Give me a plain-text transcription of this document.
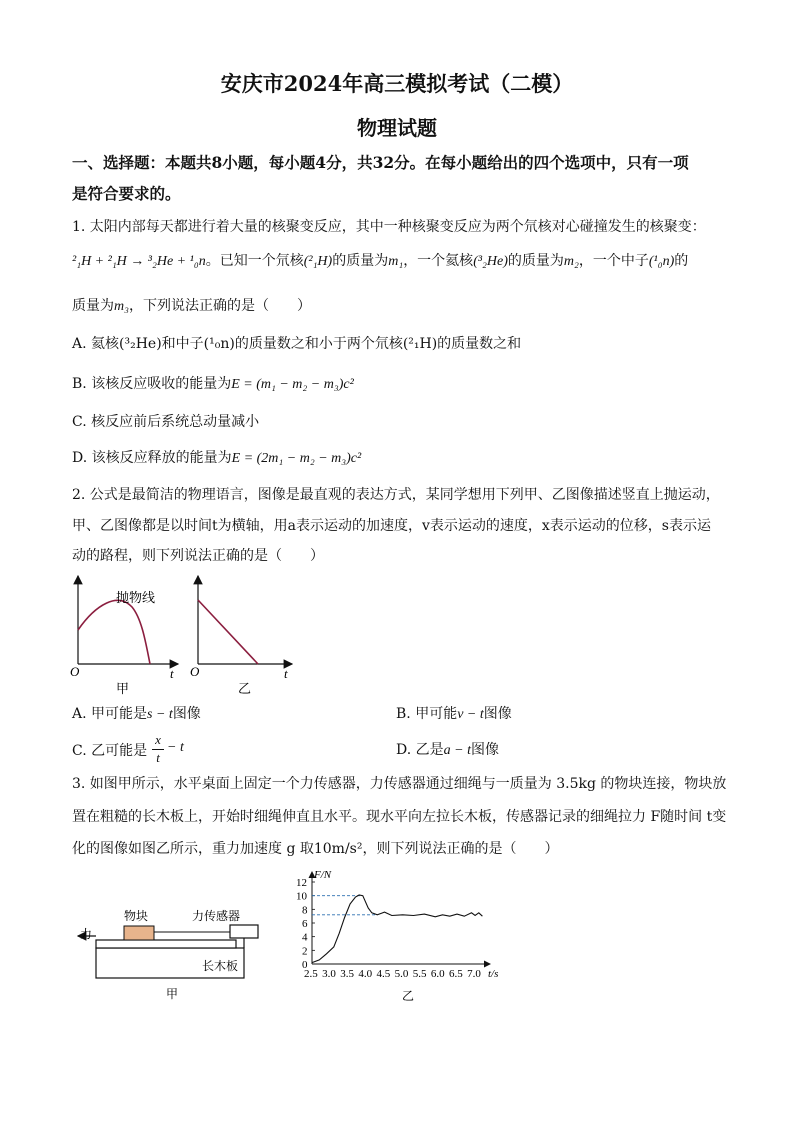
安庆市2024年高三模拟考试（二模）
物理试题
一、选择题：本题共8小题，每小题4分，共32分。在每小题给出的四个选项中，只有一项
是符合要求的。
1. 太阳内部每天都进行着大量的核聚变反应，其中一种核聚变反应为两个氘核对心碰撞发生的核聚变：
²₁H + ²₁H → ³₂He + ¹₀n。已知一个氘核(²₁H)的质量为m₁，一个氦核(³₂He)的质量为m₂，一个中子(¹₀n)的
质量为m₃，下列说法正确的是（　　）
A. 氦核(³₂He)和中子(¹₀n)的质量数之和小于两个氘核(²₁H)的质量数之和
B. 该核反应吸收的能量为E = (m₁ − m₂ − m₃)c²
C. 核反应前后系统总动量减小
D. 该核反应释放的能量为E = (2m₁ − m₂ − m₃)c²
2. 公式是最简洁的物理语言，图像是最直观的表达方式，某同学想用下列甲、乙图像描述竖直上抛运动，
甲、乙图像都是以时间t为横轴，用a表示运动的加速度，v表示运动的速度，x表示运动的位移，s表示运
动的路程，则下列说法正确的是（　　）
抛物线
O	t
甲
O	t
乙
A. 甲可能是s − t图像	B. 甲可能v − t图像
C. 乙可能是
x
t
− t	D. 乙是a − t图像
3. 如图甲所示，水平桌面上固定一个力传感器，力传感器通过细绳与一质量为 3.5kg 的物块连接，物块放
置在粗糙的长木板上，开始时细绳伸直且水平。现水平向左拉长木板，传感器记录的细绳拉力 F随时间 t变
化的图像如图乙所示，重力加速度 g 取10m/s²，则下列说法正确的是（　　）
力
物块	力传感器
长木板
甲
F/N
乙
2.5 3.0 3.5 4.0 4.5 5.0 5.5 6.0 6.5 7.0 t/s
0
2
4
6
8
10
12
